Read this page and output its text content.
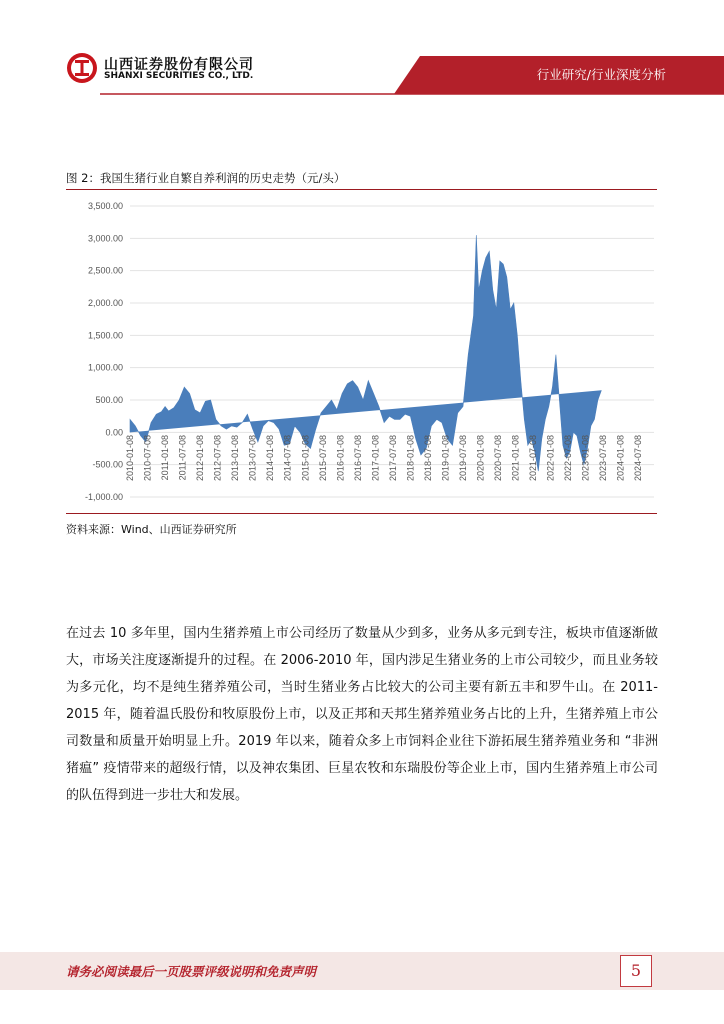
山西证券股份有限公司
SHANXI SECURITIES CO., LTD.	行业研究/行业深度分析
图 2：我国生猪行业自繁自养利润的历史走势（元/头）
3,500.00
3,000.00
2,500.00
2,000.00
1,500.00
1,000.00
500.00
0.00
-500.00
-1,000.00
2010-01-08 2010-07-08 2011-01-08 2011-07-08 2012-01-08 2012-07-08 2013-01-08 2013-07-08 2014-01-08 2014-07-08 2015-01-08 2015-07-08 2016-01-08 2016-07-08 2017-01-08 2017-07-08 2018-01-08 2018-07-08 2019-01-08 2019-07-08 2020-01-08 2020-07-08 2021-01-08 2021-07-08 2022-01-08 2022-07-08 2023-01-08 2023-07-08 2024-01-08 2024-07-08
资料来源：Wind、山西证券研究所
在过去 10 多年里，国内生猪养殖上市公司经历了数量从少到多，业务从多元到专注，板块市值逐渐做大，市场关注度逐渐提升的过程。在 2006-2010 年，国内涉足生猪业务的上市公司较少，而且业务较为多元化，均不是纯生猪养殖公司，当时生猪业务占比较大的公司主要有新五丰和罗牛山。在 2011-2015 年，随着温氏股份和牧原股份上市，以及正邦和天邦生猪养殖业务占比的上升，生猪养殖上市公司数量和质量开始明显上升。2019 年以来，随着众多上市饲料企业往下游拓展生猪养殖业务和 “非洲猪瘟” 疫情带来的超级行情，以及神农集团、巨星农牧和东瑞股份等企业上市，国内生猪养殖上市公司的队伍得到进一步壮大和发展。
请务必阅读最后一页股票评级说明和免责声明	5
